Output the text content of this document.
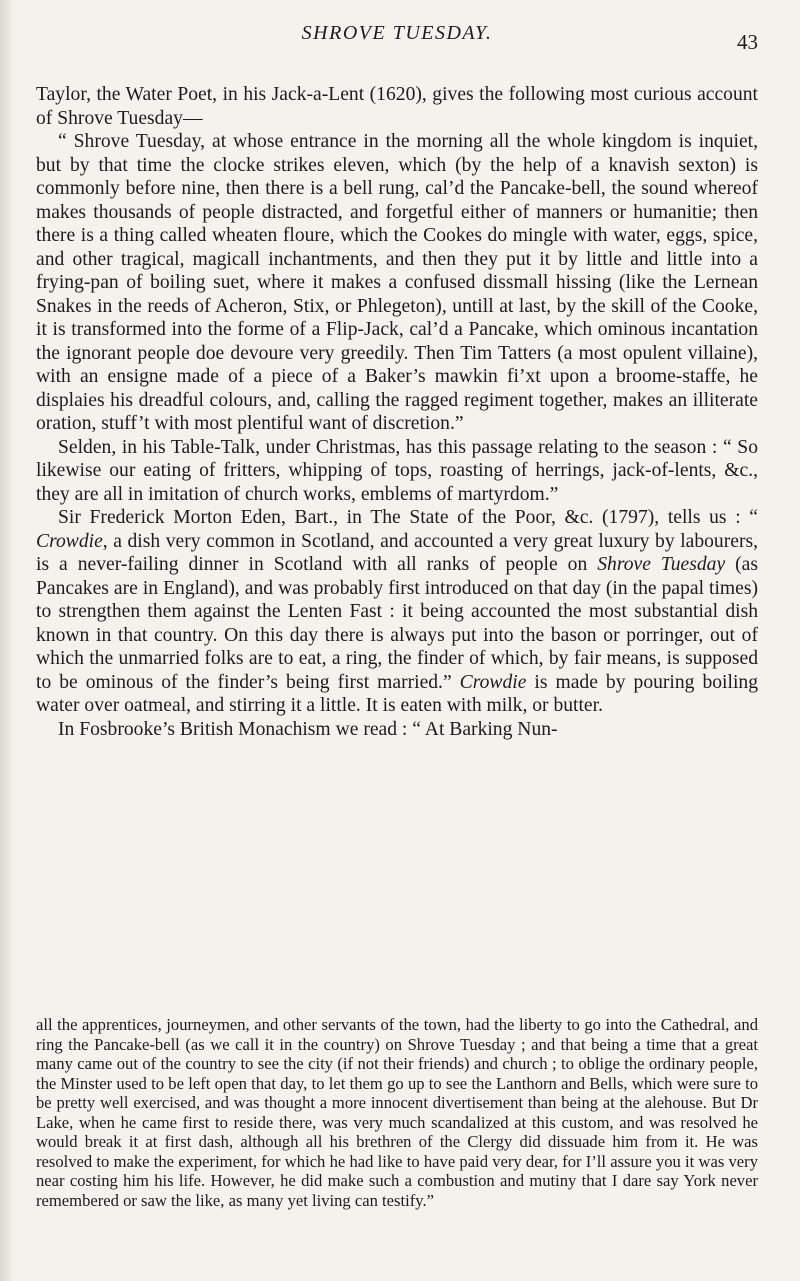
SHROVE TUESDAY.	43

Taylor, the Water Poet, in his Jack-a-Lent (1620), gives the following most curious account of Shrove Tuesday—

“ Shrove Tuesday, at whose entrance in the morning all the whole kingdom is inquiet, but by that time the clocke strikes eleven, which (by the help of a knavish sexton) is commonly before nine, then there is a bell rung, cal’d the Pancake-bell, the sound whereof makes thousands of people distracted, and forgetful either of manners or humanitie; then there is a thing called wheaten floure, which the Cookes do mingle with water, eggs, spice, and other tragical, magicall inchantments, and then they put it by little and little into a frying-pan of boiling suet, where it makes a confused dissmall hissing (like the Lernean Snakes in the reeds of Acheron, Stix, or Phlegeton), untill at last, by the skill of the Cooke, it is transformed into the forme of a Flip-Jack, cal’d a Pancake, which ominous incantation the ignorant people doe devoure very greedily. Then Tim Tatters (a most opulent villaine), with an ensigne made of a piece of a Baker’s mawkin fi’xt upon a broome-staffe, he displaies his dreadful colours, and, calling the ragged regiment together, makes an illiterate oration, stuff’t with most plentiful want of discretion.”

Selden, in his Table-Talk, under Christmas, has this passage relating to the season : “ So likewise our eating of fritters, whipping of tops, roasting of herrings, jack-of-lents, &c., they are all in imitation of church works, emblems of martyrdom.”

Sir Frederick Morton Eden, Bart., in The State of the Poor, &c. (1797), tells us : “ Crowdie, a dish very common in Scotland, and accounted a very great luxury by labourers, is a never-failing dinner in Scotland with all ranks of people on Shrove Tuesday (as Pancakes are in England), and was probably first introduced on that day (in the papal times) to strengthen them against the Lenten Fast : it being accounted the most substantial dish known in that country. On this day there is always put into the bason or porringer, out of which the unmarried folks are to eat, a ring, the finder of which, by fair means, is supposed to be ominous of the finder’s being first married.” Crowdie is made by pouring boiling water over oatmeal, and stirring it a little. It is eaten with milk, or butter.

In Fosbrooke’s British Monachism we read : “ At Barking Nun-

all the apprentices, journeymen, and other servants of the town, had the liberty to go into the Cathedral, and ring the Pancake-bell (as we call it in the country) on Shrove Tuesday ; and that being a time that a great many came out of the country to see the city (if not their friends) and church ; to oblige the ordinary people, the Minster used to be left open that day, to let them go up to see the Lanthorn and Bells, which were sure to be pretty well exercised, and was thought a more innocent divertisement than being at the alehouse. But Dr Lake, when he came first to reside there, was very much scandalized at this custom, and was resolved he would break it at first dash, although all his brethren of the Clergy did dissuade him from it. He was resolved to make the experiment, for which he had like to have paid very dear, for I’ll assure you it was very near costing him his life. However, he did make such a combustion and mutiny that I dare say York never remembered or saw the like, as many yet living can testify.”
